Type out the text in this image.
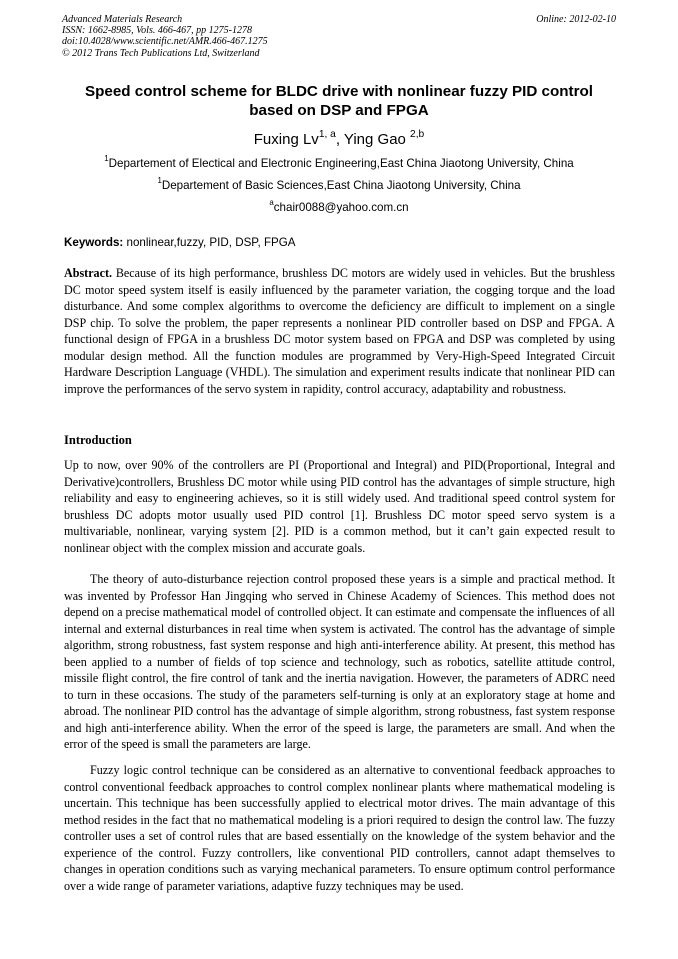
Advanced Materials Research
ISSN: 1662-8985, Vols. 466-467, pp 1275-1278
doi:10.4028/www.scientific.net/AMR.466-467.1275
© 2012 Trans Tech Publications Ltd, Switzerland
Online: 2012-02-10
Speed control scheme for BLDC drive with nonlinear fuzzy PID control
based on DSP and FPGA
Fuxing Lv$^{1, a}$, Ying Gao $^{2,b}$
$^1$Departement of Electical and Electronic Engineering,East China Jiaotong University, China
$^1$Departement of Basic Sciences,East China Jiaotong University, China
$^a$chair0088@yahoo.com.cn
Keywords: nonlinear,fuzzy, PID, DSP, FPGA
Abstract. Because of its high performance, brushless DC motors are widely used in vehicles. But the brushless DC motor speed system itself is easily influenced by the parameter variation, the cogging torque and the load disturbance. And some complex algorithms to overcome the deficiency are difficult to implement on a single DSP chip. To solve the problem, the paper represents a nonlinear PID controller based on DSP and FPGA. A functional design of FPGA in a brushless DC motor system based on FPGA and DSP was completed by using modular design method. All the function modules are programmed by Very-High-Speed Integrated Circuit Hardware Description Language (VHDL). The simulation and experiment results indicate that nonlinear PID can improve the performances of the servo system in rapidity, control accuracy, adaptability and robustness.
Introduction
Up to now, over 90% of the controllers are PI (Proportional and Integral) and PID(Proportional, Integral and Derivative)controllers, Brushless DC motor while using PID control has the advantages of simple structure, high reliability and easy to engineering achieves, so it is still widely used. And traditional speed control system for brushless DC adopts motor usually used PID control [1]. Brushless DC motor speed servo system is a multivariable, nonlinear, varying system [2]. PID is a common method, but it can’t gain expected result to nonlinear object with the complex mission and accurate goals.
The theory of auto-disturbance rejection control proposed these years is a simple and practical method. It was invented by Professor Han Jingqing who served in Chinese Academy of Sciences. This method does not depend on a precise mathematical model of controlled object. It can estimate and compensate the influences of all internal and external disturbances in real time when system is activated. The control has the advantage of simple algorithm, strong robustness, fast system response and high anti-interference ability. At present, this method has been applied to a number of fields of top science and technology, such as robotics, satellite attitude control, missile flight control, the fire control of tank and the inertia navigation. However, the parameters of ADRC need to turn in these occasions. The study of the parameters self-turning is only at an exploratory stage at home and abroad. The nonlinear PID control has the advantage of simple algorithm, strong robustness, fast system response and high anti-interference ability. When the error of the speed is large, the parameters are small. And when the error of the speed is small the parameters are large.
Fuzzy logic control technique can be considered as an alternative to conventional feedback approaches to control conventional feedback approaches to control complex nonlinear plants where mathematical modeling is uncertain. This technique has been successfully applied to electrical motor drives. The main advantage of this method resides in the fact that no mathematical modeling is a priori required to design the control law. The fuzzy controller uses a set of control rules that are based essentially on the knowledge of the system behavior and the experience of the control. Fuzzy controllers, like conventional PID controllers, cannot adapt themselves to changes in operation conditions such as varying mechanical parameters. To ensure optimum control performance over a wide range of parameter variations, adaptive fuzzy techniques may be used.
